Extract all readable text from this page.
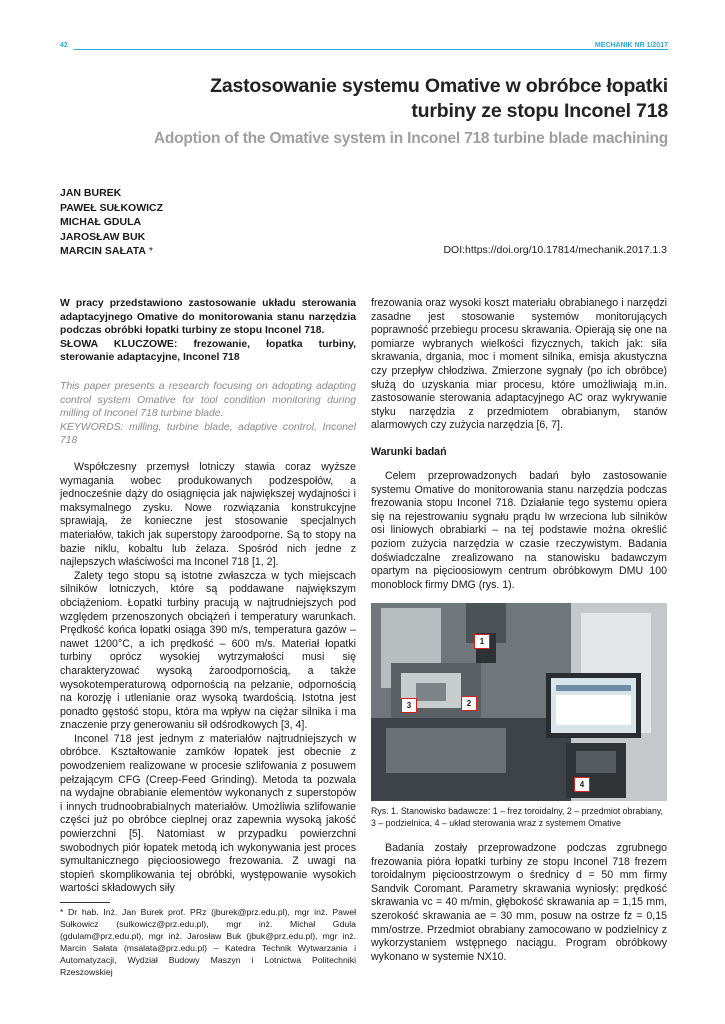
42	MECHANIK NR 1/2017
Zastosowanie systemu Omative w obróbce łopatki
turbiny ze stopu Inconel 718
Adoption of the Omative system in Inconel 718 turbine blade machining
JAN BUREK
PAWEŁ SUŁKOWICZ
MICHAŁ GDULA
JAROSŁAW BUK
MARCIN SAŁATA *	DOI:https://doi.org/10.17814/mechanik.2017.1.3
W pracy przedstawiono zastosowanie układu sterowania adaptacyjnego Omative do monitorowania stanu narzędzia podczas obróbki łopatki turbiny ze stopu Inconel 718.
SŁOWA KLUCZOWE: frezowanie, łopatka turbiny, sterowanie adaptacyjne, Inconel 718
This paper presents a research focusing on adopting adapting control system Omative for tool condition monitoring during milling of Inconel 718 turbine blade.
KEYWORDS: milling, turbine blade, adaptive control, Inconel 718

Współczesny przemysł lotniczy stawia coraz wyższe wymagania wobec produkowanych podzespołów, a jednocześnie dąży do osiągnięcia jak największej wydajności i maksymalnego zysku. Nowe rozwiązania konstrukcyjne sprawiają, że konieczne jest stosowanie specjalnych materiałów, takich jak superstopy żaroodporne. Są to stopy na bazie niklu, kobaltu lub żelaza. Spośród nich jedne z najlepszych właściwości ma Inconel 718 [1, 2].

Zalety tego stopu są istotne zwłaszcza w tych miejscach silników lotniczych, które są poddawane największym obciążeniom. Łopatki turbiny pracują w najtrudniejszych pod względem przenoszonych obciążeń i temperatury warunkach. Prędkość końca łopatki osiąga 390 m/s, temperatura gazów – nawet 1200°C, a ich prędkość – 600 m/s. Materiał łopatki turbiny oprócz wysokiej wytrzymałości musi się charakteryzować wysoką żaroodpornością, a także wysokotemperaturową odpornością na pełzanie, odpornością na korozję i utlenianie oraz wysoką twardością. Istotna jest ponadto gęstość stopu, która ma wpływ na ciężar silnika i ma znaczenie przy generowaniu sił odśrodkowych [3, 4].

Inconel 718 jest jednym z materiałów najtrudniejszych w obróbce. Kształtowanie zamków łopatek jest obecnie z powodzeniem realizowane w procesie szlifowania z posuwem pełzającym CFG (Creep-Feed Grinding). Metoda ta pozwala na wydajne obrabianie elementów wykonanych z superstopów i innych trudnoobrabialnych materiałów. Umożliwia szlifowanie części już po obróbce cieplnej oraz zapewnia wysoką jakość powierzchni [5]. Natomiast w przypadku powierzchni swobodnych piór łopatek metodą ich wykonywania jest proces symultanicznego pięcioosiowego frezowania. Z uwagi na stopień skomplikowania tej obróbki, występowanie wysokich wartości składowych siły

* Dr hab. Inż. Jan Burek prof. PRz (jburek@prz.edu.pl), mgr inż. Paweł Sułkowicz (sulkowicz@prz.edu.pl), mgr inż. Michał Gdula (gdulam@prz.edu.pl), mgr inż. Jarosław Buk (jbuk@prz.edu.pl), mgr inż. Marcin Sałata (msalata@prz.edu.pl) – Katedra Technik Wytwarzania i Automatyzacji, Wydział Budowy Maszyn i Lotnictwa Politechniki Rzeszowskiej

frezowania oraz wysoki koszt materiału obrabianego i narzędzi zasadne jest stosowanie systemów monitorujących poprawność przebiegu procesu skrawania. Opierają się one na pomiarze wybranych wielkości fizycznych, takich jak: siła skrawania, drgania, moc i moment silnika, emisja akustyczna czy przepływ chłodziwa. Zmierzone sygnały (po ich obróbce) służą do uzyskania miar procesu, które umożliwiają m.in. zastosowanie sterowania adaptacyjnego AC oraz wykrywanie styku narzędzia z przedmiotem obrabianym, stanów alarmowych czy zużycia narzędzia [6, 7].

Warunki badań

Celem przeprowadzonych badań było zastosowanie systemu Omative do monitorowania stanu narzędzia podczas frezowania stopu Inconel 718. Działanie tego systemu opiera się na rejestrowaniu sygnału prądu Iw wrzeciona lub silników osi liniowych obrabiarki – na tej podstawie można określić poziom zużycia narzędzia w czasie rzeczywistym. Badania doświadczalne zrealizowano na stanowisku badawczym opartym na pięcioosiowym centrum obróbkowym DMU 100 monoblock firmy DMG (rys. 1).

1
2
3
4
Rys. 1. Stanowisko badawcze: 1 – frez toroidalny, 2 – przedmiot obrabiany, 3 – podzielnica, 4 – układ sterowania wraz z systemem Omative

Badania zostały przeprowadzone podczas zgrubnego frezowania pióra łopatki turbiny ze stopu Inconel 718 frezem toroidalnym pięcioostrzowym o średnicy d = 50 mm firmy Sandvik Coromant. Parametry skrawania wyniosły: prędkość skrawania vc = 40 m/min, głębokość skrawania ap = 1,15 mm, szerokość skrawania ae = 30 mm, posuw na ostrze fz = 0,15 mm/ostrze. Przedmiot obrabiany zamocowano w podzielnicy z wykorzystaniem wstępnego naciągu. Program obróbkowy wykonano w systemie NX10.
